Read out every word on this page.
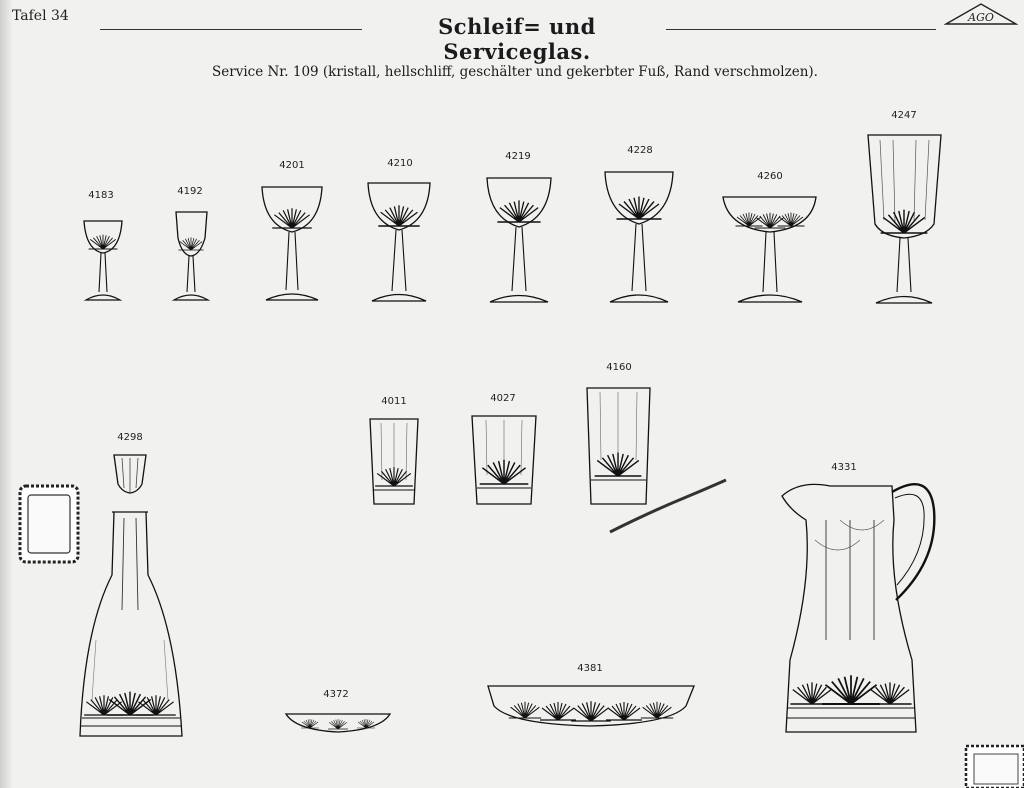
Tafel 34	Schleif= und Serviceglas.
AGO
Service Nr. 109 (kristall, hellschliff, geschälter und gekerbter Fuß, Rand verschmolzen).
4183	4192
4201	4210
4219
4228
4260
4247
4011	4027
4160
4298
4331
4372
4381
